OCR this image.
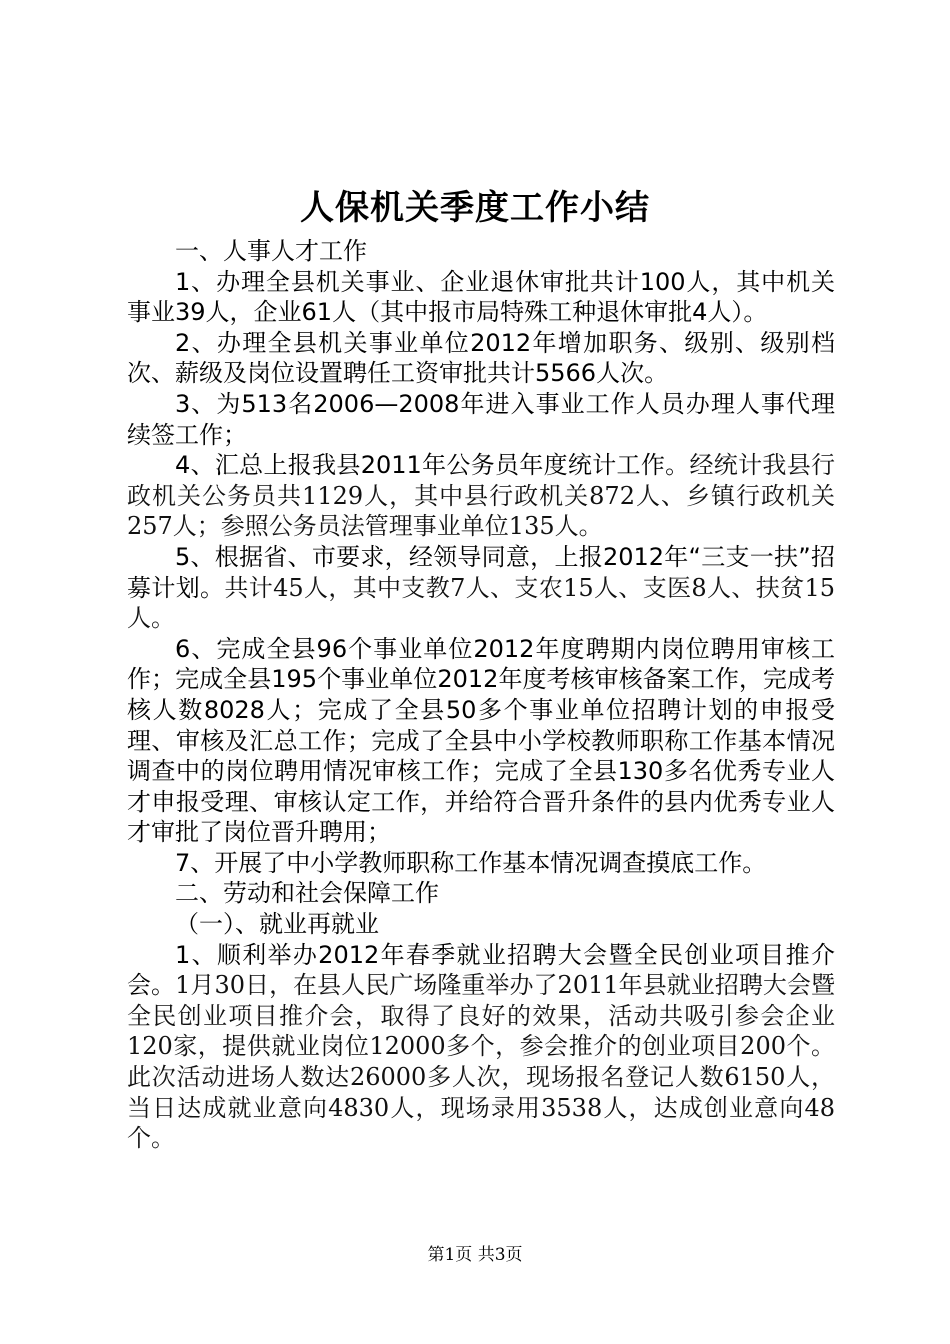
人保机关季度工作小结

一、人事人才工作

1、办理全县机关事业、企业退休审批共计100人，其中机关事业39人，企业61人（其中报市局特殊工种退休审批4人）。

2、办理全县机关事业单位2012年增加职务、级别、级别档次、薪级及岗位设置聘任工资审批共计5566人次。

3、为513名2006—2008年进入事业工作人员办理人事代理续签工作；

4、汇总上报我县2011年公务员年度统计工作。经统计我县行政机关公务员共1129人，其中县行政机关872人、乡镇行政机关257人；参照公务员法管理事业单位135人。

5、根据省、市要求，经领导同意，上报2012年“三支一扶”招募计划。共计45人，其中支教7人、支农15人、支医8人、扶贫15人。

6、完成全县96个事业单位2012年度聘期内岗位聘用审核工作；完成全县195个事业单位2012年度考核审核备案工作，完成考核人数8028人；完成了全县50多个事业单位招聘计划的申报受理、审核及汇总工作；完成了全县中小学校教师职称工作基本情况调查中的岗位聘用情况审核工作；完成了全县130多名优秀专业人才申报受理、审核认定工作，并给符合晋升条件的县内优秀专业人才审批了岗位晋升聘用；

7、开展了中小学教师职称工作基本情况调查摸底工作。

二、劳动和社会保障工作

（一）、就业再就业

1、顺利举办2012年春季就业招聘大会暨全民创业项目推介会。1月30日，在县人民广场隆重举办了2011年县就业招聘大会暨全民创业项目推介会，取得了良好的效果，活动共吸引参会企业120家，提供就业岗位12000多个，参会推介的创业项目200个。此次活动进场人数达26000多人次，现场报名登记人数6150人，当日达成就业意向4830人，现场录用3538人，达成创业意向48个。

第1页 共3页
